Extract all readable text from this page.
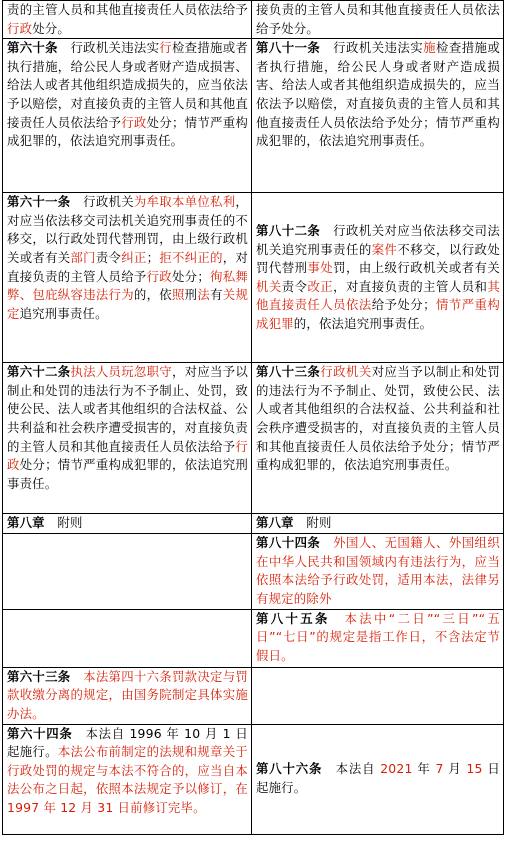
责的主管人员和其他直接责任人员依法给予行政处分。	接负责的主管人员和其他直接责任人员依法给予处分。
第六十条　行政机关违法实行检查措施或者执行措施，给公民人身或者财产造成损害、给法人或者其他组织造成损失的，应当依法予以赔偿，对直接负责的主管人员和其他直接责任人员依法给予行政处分；情节严重构成犯罪的，依法追究刑事责任。	第八十一条　行政机关违法实施检查措施或者执行措施，给公民人身或者财产造成损害、给法人或者其他组织造成损失的，应当依法予以赔偿，对直接负责的主管人员和其他直接责任人员依法给予处分；情节严重构成犯罪的，依法追究刑事责任。
第六十一条　行政机关为牟取本单位私利，对应当依法移交司法机关追究刑事责任的不移交，以行政处罚代替刑罚，由上级行政机关或者有关部门责令纠正；拒不纠正的，对直接负责的主管人员给予行政处分；徇私舞弊、包庇纵容违法行为的，依照刑法有关规定追究刑事责任。	第八十二条　行政机关对应当依法移交司法机关追究刑事责任的案件不移交，以行政处罚代替刑事处罚，由上级行政机关或者有关机关责令改正，对直接负责的主管人员和其他直接责任人员依法给予处分；情节严重构成犯罪的，依法追究刑事责任。
第六十二条执法人员玩忽职守，对应当予以制止和处罚的违法行为不予制止、处罚，致使公民、法人或者其他组织的合法权益、公共利益和社会秩序遭受损害的，对直接负责的主管人员和其他直接责任人员依法给予行政处分；情节严重构成犯罪的，依法追究刑事责任。	第八十三条行政机关对应当予以制止和处罚的违法行为不予制止、处罚，致使公民、法人或者其他组织的合法权益、公共利益和社会秩序遭受损害的，对直接负责的主管人员和其他直接责任人员依法给予处分；情节严重构成犯罪的，依法追究刑事责任。
第八章　附则	第八章　附则
	第八十四条　外国人、无国籍人、外国组织在中华人民共和国领域内有违法行为，应当依照本法给予行政处罚，适用本法，法律另有规定的除外
	第八十五条　本法中“二日”“三日”“五日”“七日”的规定是指工作日，不含法定节假日。
第六十三条　本法第四十六条罚款决定与罚款收缴分离的规定，由国务院制定具体实施办法。	
第六十四条　本法自 1996 年 10 月 1 日起施行。本法公布前制定的法规和规章关于行政处罚的规定与本法不符合的，应当自本法公布之日起，依照本法规定予以修订，在 1997 年 12 月 31 日前修订完毕。	第八十六条　本法自 2021 年 7 月 15 日起施行。
